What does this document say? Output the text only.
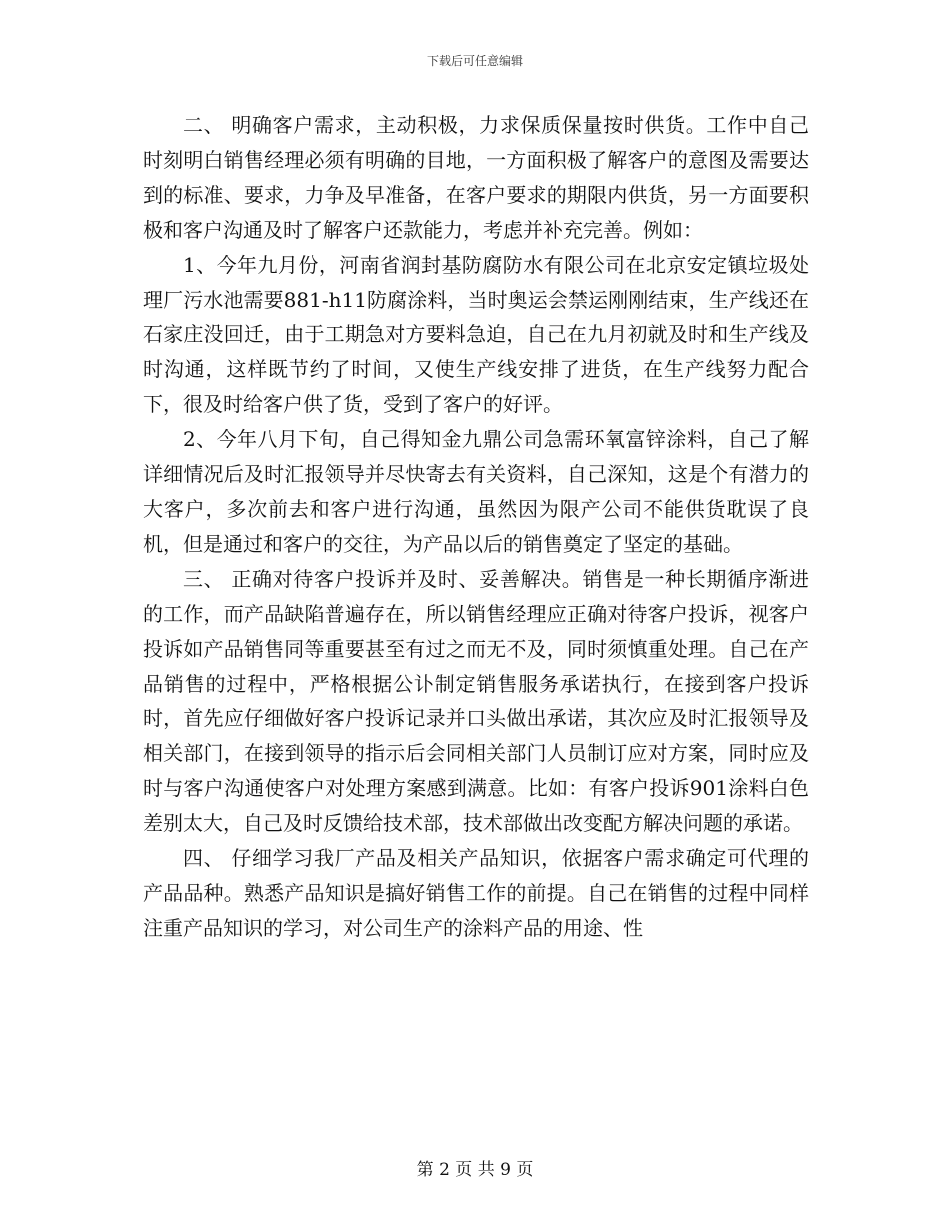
下载后可任意编辑

二、 明确客户需求，主动积极，力求保质保量按时供货。工作中自己时刻明白销售经理必须有明确的目地，一方面积极了解客户的意图及需要达到的标准、要求，力争及早准备，在客户要求的期限内供货，另一方面要积极和客户沟通及时了解客户还款能力，考虑并补充完善。例如：

1、今年九月份，河南省润封基防腐防水有限公司在北京安定镇垃圾处理厂污水池需要881-h11防腐涂料，当时奥运会禁运刚刚结束，生产线还在石家庄没回迁，由于工期急对方要料急迫，自己在九月初就及时和生产线及时沟通，这样既节约了时间，又使生产线安排了进货，在生产线努力配合下，很及时给客户供了货，受到了客户的好评。

2、今年八月下旬，自己得知金九鼎公司急需环氧富锌涂料，自己了解详细情况后及时汇报领导并尽快寄去有关资料，自己深知，这是个有潜力的大客户，多次前去和客户进行沟通，虽然因为限产公司不能供货耽误了良机，但是通过和客户的交往，为产品以后的销售奠定了坚定的基础。

三、 正确对待客户投诉并及时、妥善解决。销售是一种长期循序渐进的工作，而产品缺陷普遍存在，所以销售经理应正确对待客户投诉，视客户投诉如产品销售同等重要甚至有过之而无不及，同时须慎重处理。自己在产品销售的过程中，严格根据公讣制定销售服务承诺执行，在接到客户投诉时，首先应仔细做好客户投诉记录并口头做出承诺，其次应及时汇报领导及相关部门，在接到领导的指示后会同相关部门人员制订应对方案，同时应及时与客户沟通使客户对处理方案感到满意。比如：有客户投诉901涂料白色差别太大，自己及时反馈给技术部，技术部做出改变配方解决问题的承诺。

四、 仔细学习我厂产品及相关产品知识，依据客户需求确定可代理的产品品种。熟悉产品知识是搞好销售工作的前提。自己在销售的过程中同样注重产品知识的学习，对公司生产的涂料产品的用途、性

第 2 页 共 9 页
